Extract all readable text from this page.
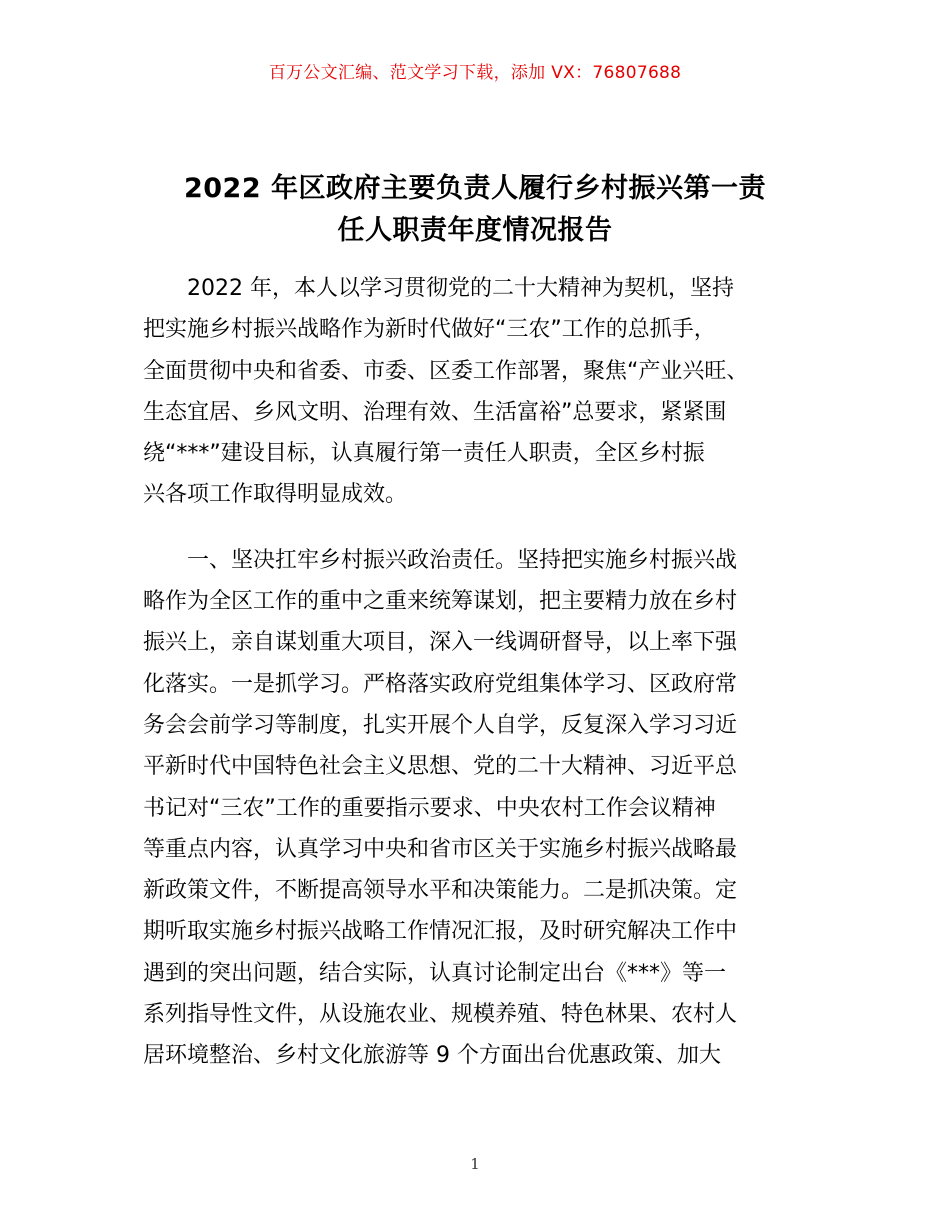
百万公文汇编、范文学习下载，添加 VX：76807688
2022 年区政府主要负责人履行乡村振兴第一责
任人职责年度情况报告
2022 年，本人以学习贯彻党的二十大精神为契机，坚持
把实施乡村振兴战略作为新时代做好“三农”工作的总抓手，
全面贯彻中央和省委、市委、区委工作部署，聚焦“产业兴旺、
生态宜居、乡风文明、治理有效、生活富裕”总要求，紧紧围
绕“***”建设目标，认真履行第一责任人职责，全区乡村振
兴各项工作取得明显成效。
一、坚决扛牢乡村振兴政治责任。坚持把实施乡村振兴战
略作为全区工作的重中之重来统筹谋划，把主要精力放在乡村
振兴上，亲自谋划重大项目，深入一线调研督导，以上率下强
化落实。一是抓学习。严格落实政府党组集体学习、区政府常
务会会前学习等制度，扎实开展个人自学，反复深入学习习近
平新时代中国特色社会主义思想、党的二十大精神、习近平总
书记对“三农”工作的重要指示要求、中央农村工作会议精神
等重点内容，认真学习中央和省市区关于实施乡村振兴战略最
新政策文件，不断提高领导水平和决策能力。二是抓决策。定
期听取实施乡村振兴战略工作情况汇报，及时研究解决工作中
遇到的突出问题，结合实际，认真讨论制定出台《***》等一
系列指导性文件，从设施农业、规模养殖、特色林果、农村人
居环境整治、乡村文化旅游等 9 个方面出台优惠政策、加大
1
